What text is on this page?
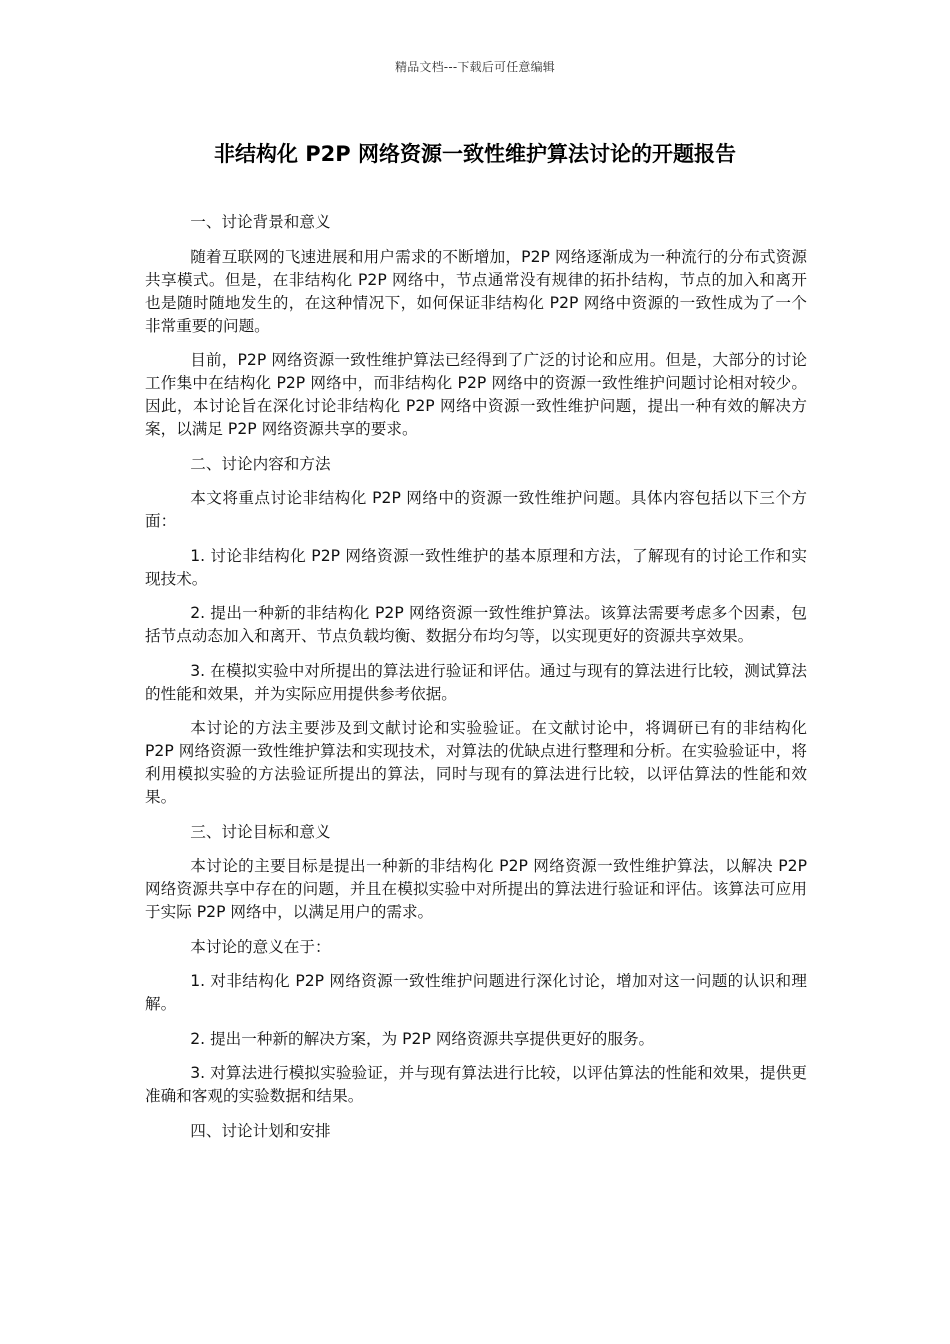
精品文档---下载后可任意编辑
非结构化 P2P 网络资源一致性维护算法讨论的开题报告

一、讨论背景和意义

随着互联网的飞速进展和用户需求的不断增加，P2P 网络逐渐成为一种流行的分布式资源共享模式。但是，在非结构化 P2P 网络中，节点通常没有规律的拓扑结构，节点的加入和离开也是随时随地发生的，在这种情况下，如何保证非结构化 P2P 网络中资源的一致性成为了一个非常重要的问题。

目前，P2P 网络资源一致性维护算法已经得到了广泛的讨论和应用。但是，大部分的讨论工作集中在结构化 P2P 网络中，而非结构化 P2P 网络中的资源一致性维护问题讨论相对较少。因此，本讨论旨在深化讨论非结构化 P2P 网络中资源一致性维护问题，提出一种有效的解决方案，以满足 P2P 网络资源共享的要求。

二、讨论内容和方法

本文将重点讨论非结构化 P2P 网络中的资源一致性维护问题。具体内容包括以下三个方面：

1. 讨论非结构化 P2P 网络资源一致性维护的基本原理和方法，了解现有的讨论工作和实现技术。

2. 提出一种新的非结构化 P2P 网络资源一致性维护算法。该算法需要考虑多个因素，包括节点动态加入和离开、节点负载均衡、数据分布均匀等，以实现更好的资源共享效果。

3. 在模拟实验中对所提出的算法进行验证和评估。通过与现有的算法进行比较，测试算法的性能和效果，并为实际应用提供参考依据。

本讨论的方法主要涉及到文献讨论和实验验证。在文献讨论中，将调研已有的非结构化 P2P 网络资源一致性维护算法和实现技术，对算法的优缺点进行整理和分析。在实验验证中，将利用模拟实验的方法验证所提出的算法，同时与现有的算法进行比较，以评估算法的性能和效果。

三、讨论目标和意义

本讨论的主要目标是提出一种新的非结构化 P2P 网络资源一致性维护算法，以解决 P2P 网络资源共享中存在的问题，并且在模拟实验中对所提出的算法进行验证和评估。该算法可应用于实际 P2P 网络中，以满足用户的需求。

本讨论的意义在于：

1. 对非结构化 P2P 网络资源一致性维护问题进行深化讨论，增加对这一问题的认识和理解。

2. 提出一种新的解决方案，为 P2P 网络资源共享提供更好的服务。

3. 对算法进行模拟实验验证，并与现有算法进行比较，以评估算法的性能和效果，提供更准确和客观的实验数据和结果。

四、讨论计划和安排
